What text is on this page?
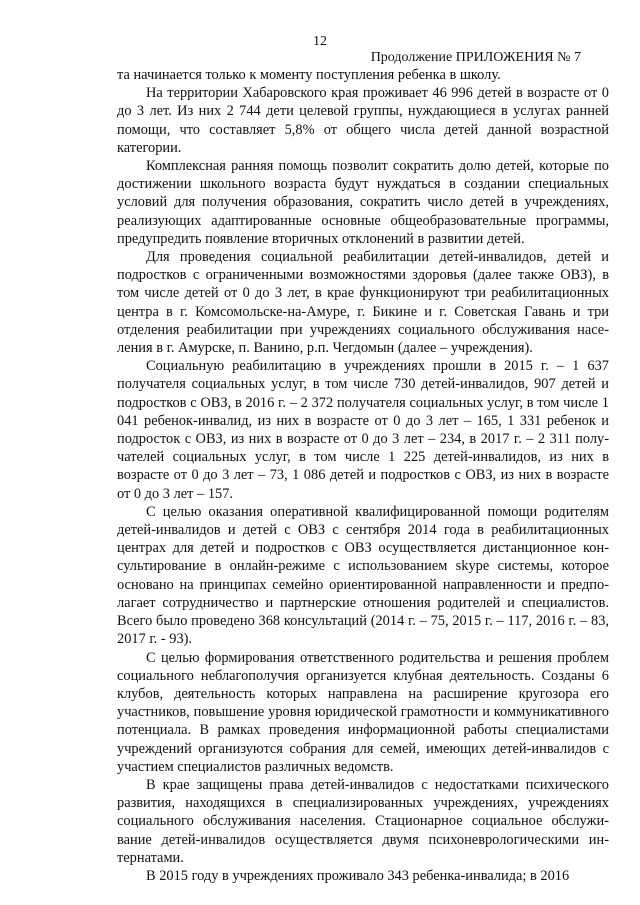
12
Продолжение ПРИЛОЖЕНИЯ № 7

та начинается только к моменту поступления ребенка в школу.

На территории Хабаровского края проживает 46 996 детей в возрасте от 0 до 3 лет. Из них 2 744 дети целевой группы, нуждающиеся в услугах ранней помощи, что составляет 5,8% от общего числа детей данной возрастной категории.

Комплексная ранняя помощь позволит сократить долю детей, которые по достижении школьного возраста будут нуждаться в создании специальных условий для получения образования, сократить число детей в учреждениях, реализующих адаптированные основные общеобразовательные программы, предупредить появление вторичных отклонений в развитии детей.

Для проведения социальной реабилитации детей-инвалидов, детей и подростков с ограниченными возможностями здоровья (далее также ОВЗ), в том числе детей от 0 до 3 лет, в крае функционируют три реабилитационных центра в г. Комсомольске-на-Амуре, г. Бикине и г. Советская Гавань и три отделения реабилитации при учреждениях социального обслуживания населения в г. Амурске, п. Ванино, р.п. Чегдомын (далее – учреждения).

Социальную реабилитацию в учреждениях прошли в 2015 г. – 1 637 получателя социальных услуг, в том числе 730 детей-инвалидов, 907 детей и подростков с ОВЗ, в 2016 г. – 2 372 получателя социальных услуг, в том числе 1 041 ребенок-инвалид, из них в возрасте от 0 до 3 лет – 165, 1 331 ребенок и подросток с ОВЗ, из них в возрасте от 0 до 3 лет – 234, в 2017 г. – 2 311 получателей социальных услуг, в том числе 1 225 детей-инвалидов, из них в возрасте от 0 до 3 лет – 73, 1 086 детей и подростков с ОВЗ, из них в возрасте от 0 до 3 лет – 157.

С целью оказания оперативной квалифицированной помощи родителям детей-инвалидов и детей с ОВЗ с сентября 2014 года в реабилитационных центрах для детей и подростков с ОВЗ осуществляется дистанционное консультирование в онлайн-режиме с использованием skype системы, которое основано на принципах семейно ориентированной направленности и предполагает сотрудничество и партнерские отношения родителей и специалистов. Всего было проведено 368 консультаций (2014 г. – 75, 2015 г. – 117, 2016 г. – 83, 2017 г. - 93).

С целью формирования ответственного родительства и решения проблем социального неблагополучия организуется клубная деятельность. Созданы 6 клубов, деятельность которых направлена на расширение кругозора его участников, повышение уровня юридической грамотности и коммуникативного потенциала. В рамках проведения информационной работы специалистами учреждений организуются собрания для семей, имеющих детей-инвалидов с участием специалистов различных ведомств.

В крае защищены права детей-инвалидов с недостатками психического развития, находящихся в специализированных учреждениях, учреждениях социального обслуживания населения. Стационарное социальное обслуживание детей-инвалидов осуществляется двумя психоневрологическими интернатами.

В 2015 году в учреждениях проживало 343 ребенка-инвалида; в 2016
